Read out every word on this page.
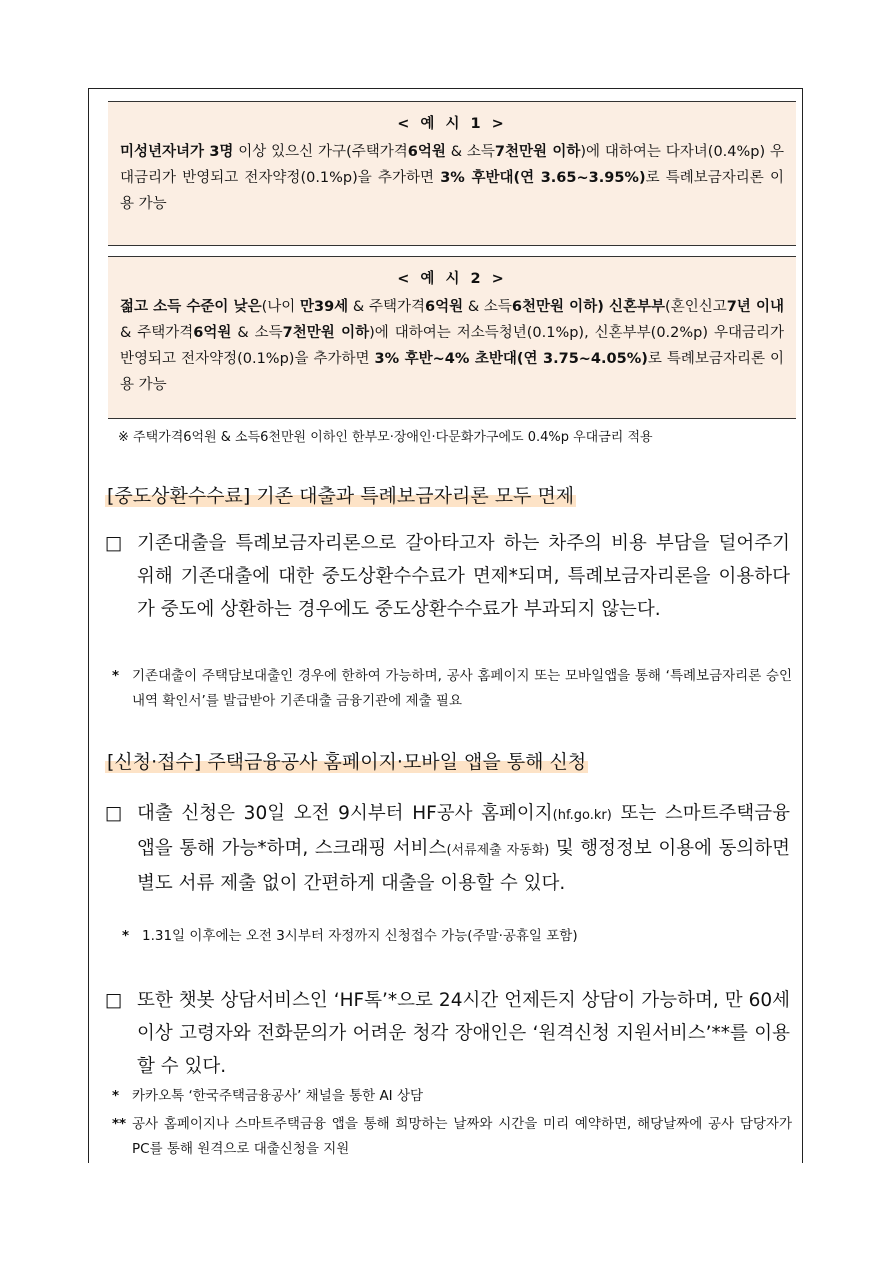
< 예 시 1 >
미성년자녀가 3명 이상 있으신 가구(주택가격6억원 & 소득7천만원 이하)에 대하여는 다자녀(0.4%p) 우대금리가 반영되고 전자약정(0.1%p)을 추가하면 3% 후반대(연 3.65~3.95%)로 특례보금자리론 이용 가능
< 예 시 2 >
젊고 소득 수준이 낮은(나이 만39세 & 주택가격6억원 & 소득6천만원 이하) 신혼부부(혼인신고7년 이내 & 주택가격6억원 & 소득7천만원 이하)에 대하여는 저소득청년(0.1%p), 신혼부부(0.2%p) 우대금리가 반영되고 전자약정(0.1%p)을 추가하면 3% 후반~4% 초반대(연 3.75~4.05%)로 특례보금자리론 이용 가능
※ 주택가격6억원 & 소득6천만원 이하인 한부모·장애인·다문화가구에도 0.4%p 우대금리 적용
[중도상환수수료] 기존 대출과 특례보금자리론 모두 면제
□ 기존대출을 특례보금자리론으로 갈아타고자 하는 차주의 비용 부담을 덜어주기 위해 기존대출에 대한 중도상환수수료가 면제*되며, 특례보금자리론을 이용하다가 중도에 상환하는 경우에도 중도상환수수료가 부과되지 않는다.
* 기존대출이 주택담보대출인 경우에 한하여 가능하며, 공사 홈페이지 또는 모바일앱을 통해 ‘특례보금자리론 승인내역 확인서’를 발급받아 기존대출 금융기관에 제출 필요
[신청·접수] 주택금융공사 홈페이지·모바일 앱을 통해 신청
□ 대출 신청은 30일 오전 9시부터 HF공사 홈페이지(hf.go.kr) 또는 스마트주택금융 앱을 통해 가능*하며, 스크래핑 서비스(서류제출 자동화) 및 행정정보 이용에 동의하면 별도 서류 제출 없이 간편하게 대출을 이용할 수 있다.
* 1.31일 이후에는 오전 3시부터 자정까지 신청접수 가능(주말·공휴일 포함)
□ 또한 챗봇 상담서비스인 ‘HF톡’*으로 24시간 언제든지 상담이 가능하며, 만 60세 이상 고령자와 전화문의가 어려운 청각 장애인은 ‘원격신청 지원서비스’**를 이용할 수 있다.
* 카카오톡 ‘한국주택금융공사’ 채널을 통한 AI 상담
** 공사 홈페이지나 스마트주택금융 앱을 통해 희망하는 날짜와 시간을 미리 예약하면, 해당날짜에 공사 담당자가 PC를 통해 원격으로 대출신청을 지원
